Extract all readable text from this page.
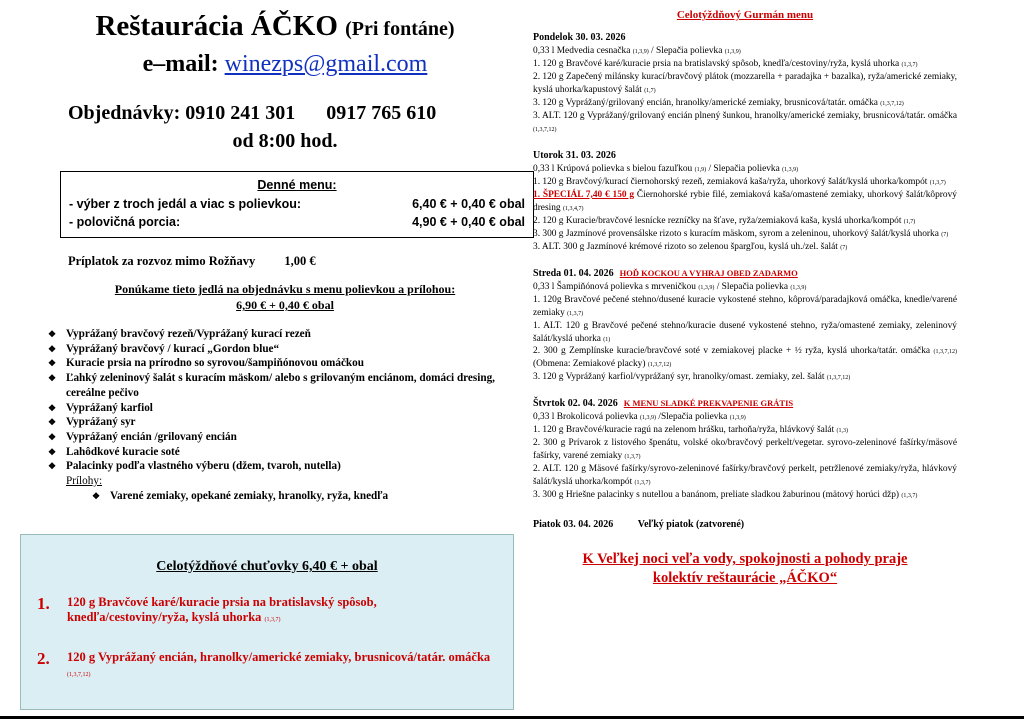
Reštaurácia ÁČKO (Pri fontáne)
e–mail: winezps@gmail.com
Objednávky: 0910 241 301 0917 765 610
od 8:00 hod.
Denné menu:
- výber z troch jedál a viac s polievkou:	6,40 € + 0,40 € obal
- polovičná porcia:	4,90 € + 0,40 € obal
Príplatok za rozvoz mimo Rožňavy 1,00 €
Ponúkame tieto jedlá na objednávku s menu polievkou a prílohou:
6,90 € + 0,40 € obal
❖ Vyprážaný bravčový rezeň/Vyprážaný kurací rezeň
❖ Vyprážaný bravčový / kurací „Gordon blue“
❖ Kuracie prsia na prírodno so syrovou/šampiňónovou omáčkou
❖ Ľahký zeleninový šalát s kuracím mäskom/ alebo s grilovaným enciánom, domáci dresing, cereálne pečivo
❖ Vyprážaný karfiol
❖ Vyprážaný syr
❖ Vyprážaný encián /grilovaný encián
❖ Lahôdkové kuracie soté
❖ Palacinky podľa vlastného výberu (džem, tvaroh, nutella)
Prílohy:
❖ Varené zemiaky, opekané zemiaky, hranolky, ryža, knedľa
Celotýždňové chuťovky 6,40 € + obal
1.	120 g Bravčové karé/kuracie prsia na bratislavský spôsob, knedľa/cestoviny/ryža, kyslá uhorka (1,3,7)
2.	120 g Vyprážaný encián, hranolky/americké zemiaky, brusnicová/tatár. omáčka (1,3,7,12)
Celotýždňový Gurmán menu
Pondelok 30. 03. 2026

0,33 l Medvedia cesnačka (1,3,9) / Slepačia polievka (1,3,9)

1. 120 g Bravčové karé/kuracie prsia na bratislavský spôsob, knedľa/cestoviny/ryža, kyslá uhorka (1,3,7)

2. 120 g Zapečený milánsky kurací/bravčový plátok (mozzarella + paradajka + bazalka), ryža/americké zemiaky, kyslá uhorka/kapustový šalát (1,7)

3. 120 g Vyprážaný/grilovaný encián, hranolky/americké zemiaky, brusnicová/tatár. omáčka (1,3,7,12)

3. ALT. 120 g Vyprážaný/grilovaný encián plnený šunkou, hranolky/americké zemiaky, brusnicová/tatár. omáčka (1,3,7,12)

Utorok 31. 03. 2026

0,33 l Krúpová polievka s bielou fazuľkou (1,9) / Slepačia polievka (1,3,9)

1. 120 g Bravčový/kurací čiernohorský rezeň, zemiaková kaša/ryža, uhorkový šalát/kyslá uhorka/kompót (1,3,7)

1. ŠPECIÁL 7,40 € 150 g Čiernohorské rybie filé, zemiaková kaša/omastené zemiaky, uhorkový šalát/kôprový dresing (1,3,4,7)

2. 120 g Kuracie/bravčové lesnícke rezníčky na šťave, ryža/zemiaková kaša, kyslá uhorka/kompót (1,7)

3. 300 g Jazmínové provensálske rizoto s kuracím mäskom, syrom a zeleninou, uhorkový šalát/kyslá uhorka (7)

3. ALT. 300 g Jazmínové krémové rizoto so zelenou špargľou, kyslá uh./zel. šalát (7)

Streda 01. 04. 2026 HOĎ KOCKOU A VYHRAJ OBED ZADARMO

0,33 l Šampiňónová polievka s mrveničkou (1,3,9) / Slepačia polievka (1,3,9)

1. 120g Bravčové pečené stehno/dusené kuracie vykostené stehno, kôprová/paradajková omáčka, knedle/varené zemiaky (1,3,7)

1. ALT. 120 g Bravčové pečené stehno/kuracie dusené vykostené stehno, ryža/omastené zemiaky, zeleninový šalát/kyslá uhorka (1)

2. 300 g Zemplínske kuracie/bravčové soté v zemiakovej placke + ½ ryža, kyslá uhorka/tatár. omáčka (1,3,7,12) (Obmena: Zemiakové placky) (1,3,7,12)

3. 120 g Vyprážaný karfiol/vyprážaný syr, hranolky/omast. zemiaky, zel. šalát (1,3,7,12)

Štvrtok 02. 04. 2026 K MENU SLADKÉ PREKVAPENIE GRÁTIS

0,33 l Brokolicová polievka (1,3,9) /Slepačia polievka (1,3,9)

1. 120 g Bravčové/kuracie ragú na zelenom hrášku, tarhoňa/ryža, hlávkový šalát (1,3)

2. 300 g Prívarok z listového špenátu, volské oko/bravčový perkelt/vegetar. syrovo-zeleninové fašírky/mäsové fašírky, varené zemiaky (1,3,7)

2. ALT. 120 g Mäsové fašírky/syrovo-zeleninové fašírky/bravčový perkelt, petržlenové zemiaky/ryža, hlávkový šalát/kyslá uhorka/kompót (1,3,7)

3. 300 g Hriešne palacinky s nutellou a banánom, preliate sladkou žaburinou (mätový horúci džp) (1,3,7)

Piatok 03. 04. 2026 Veľký piatok (zatvorené)
K Veľkej noci veľa vody, spokojnosti a pohody praje
kolektív reštaurácie „ÁČKO“
